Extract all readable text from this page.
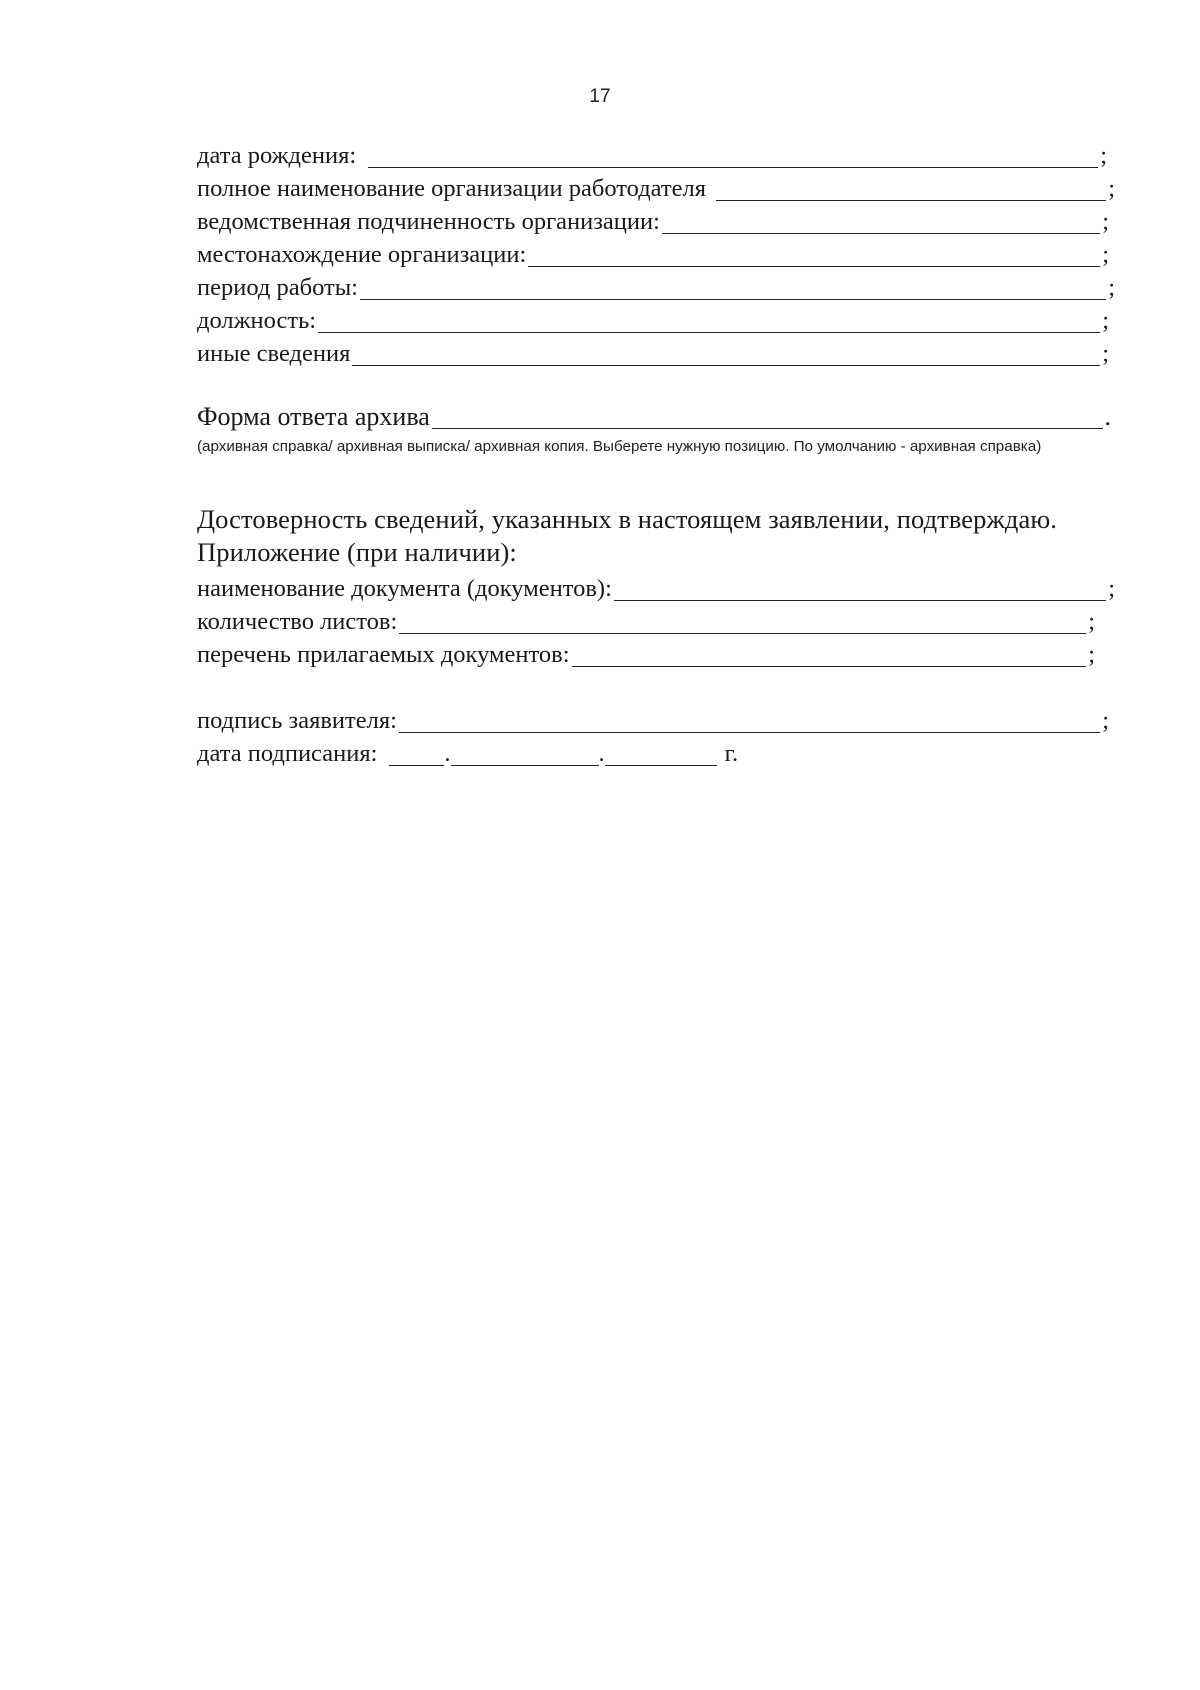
17
дата рождения:	;
полное наименование организации работодателя	;
ведомственная подчиненность организации:	;
местонахождение организации:	;
период работы:	;
должность:	;
иные сведения	;
Форма ответа архива	.
(архивная справка/ архивная выписка/ архивная копия. Выберете нужную позицию. По умолчанию - архивная справка)
Достоверность сведений, указанных в настоящем заявлении, подтверждаю.
Приложение (при наличии):
наименование документа (документов):	;
количество листов:	;
перечень прилагаемых документов:	;
подпись заявителя:	;
дата подписания:	.	.	г.
